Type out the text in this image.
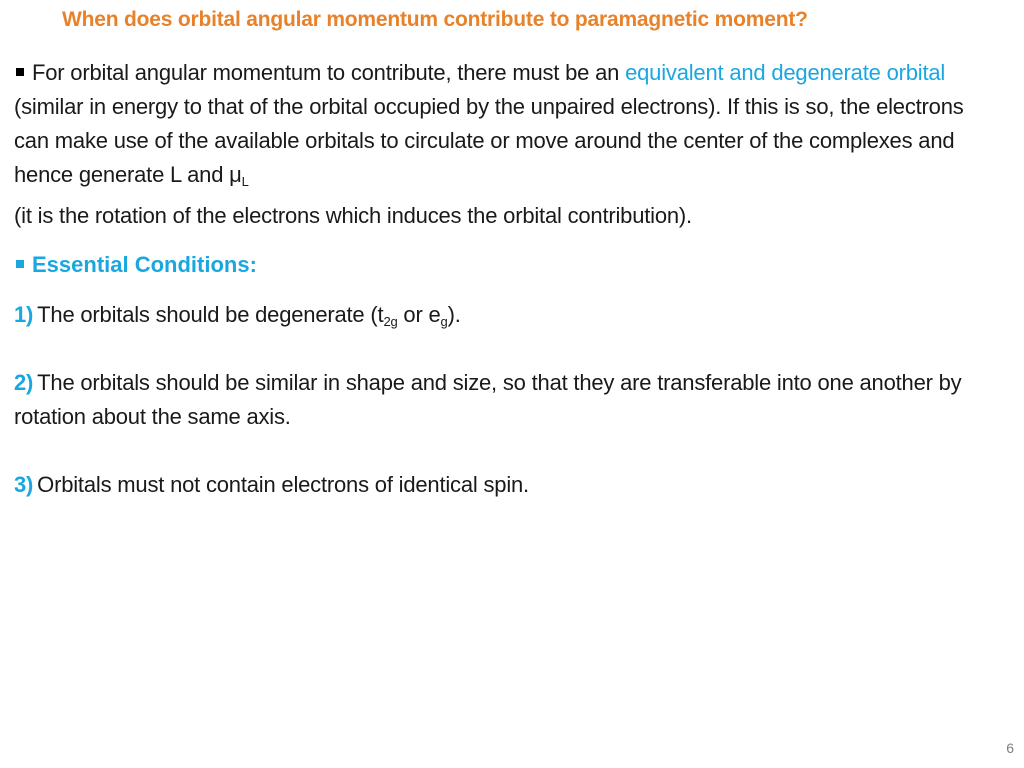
When does orbital angular momentum contribute to paramagnetic moment?
For orbital angular momentum to contribute, there must be an equivalent and degenerate orbital (similar in energy to that of the orbital occupied by the unpaired electrons). If this is so, the electrons can make use of the available orbitals to circulate or move around the center of the complexes and hence generate L and $\mu_L$
(it is the rotation of the electrons which induces the orbital contribution).
Essential Conditions:
1) The orbitals should be degenerate ($t_{2g}$ or $e_g$).
2) The orbitals should be similar in shape and size, so that they are transferable into one another by rotation about the same axis.
3) Orbitals must not contain electrons of identical spin.
6
